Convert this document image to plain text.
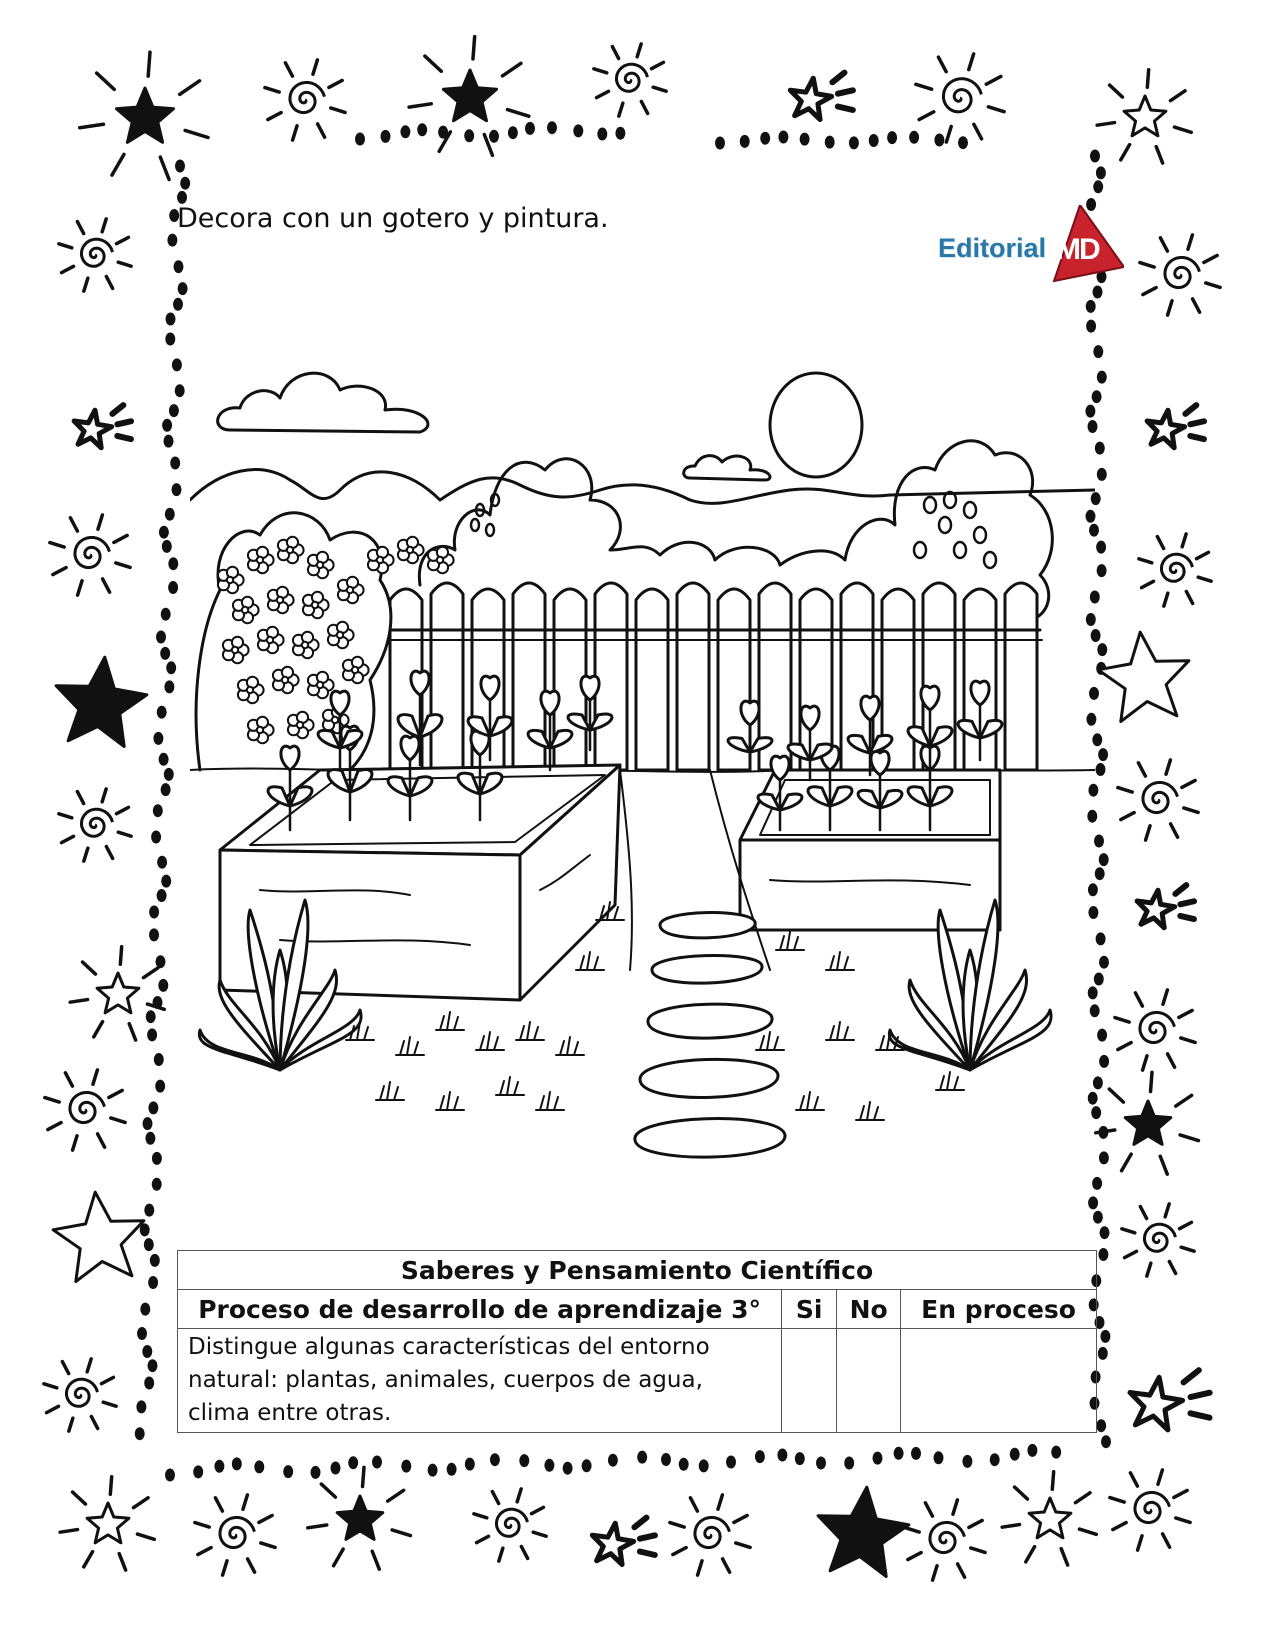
Decora con un gotero y pintura.
Editorial MD
Saberes y Pensamiento Científico			
Proceso de desarrollo de aprendizaje 3°	Si	No	En proceso

Distingue algunas características del entorno
natural: plantas, animales, cuerpos de agua,
clima entre otras.			
